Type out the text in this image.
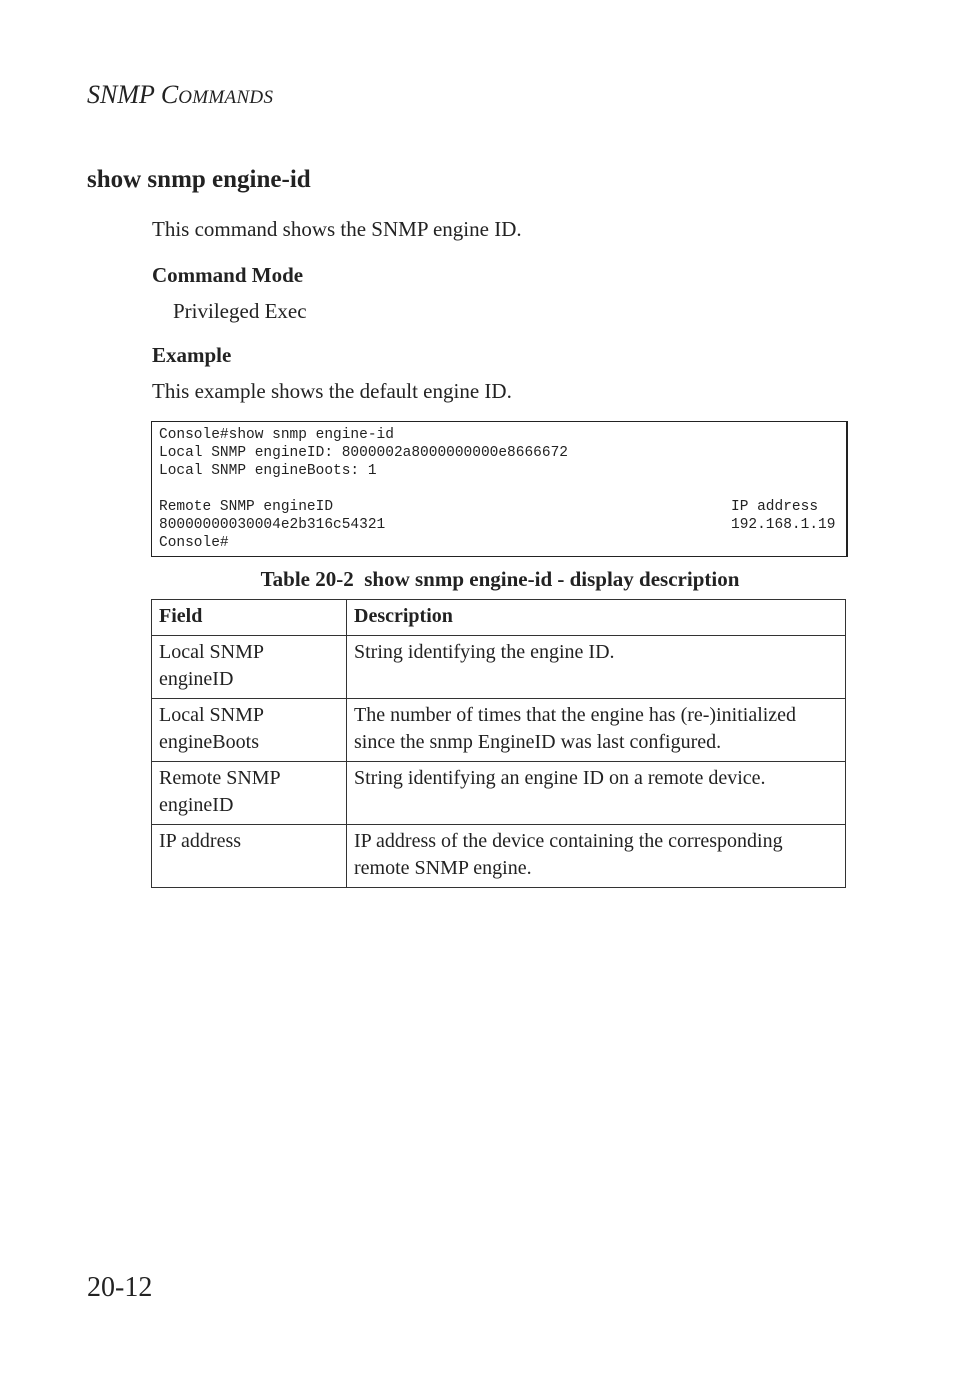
SNMP COMMANDS
show snmp engine-id

This command shows the SNMP engine ID.

Command Mode

Privileged Exec

Example

This example shows the default engine ID.

Console#show snmp engine-id
Local SNMP engineID: 8000002a8000000000e8666672
Local SNMP engineBoots: 1
Remote SNMP engineID	IP address
80000000030004e2b316c54321	192.168.1.19
Console#
Table 20-2  show snmp engine-id - display description
Field	Description
Local SNMP engineID	String identifying the engine ID.
Local SNMP engineBoots	The number of times that the engine has (re-)initialized since the snmp EngineID was last configured.
Remote SNMP engineID	String identifying an engine ID on a remote device.
IP address	IP address of the device containing the corresponding remote SNMP engine.
20-12
